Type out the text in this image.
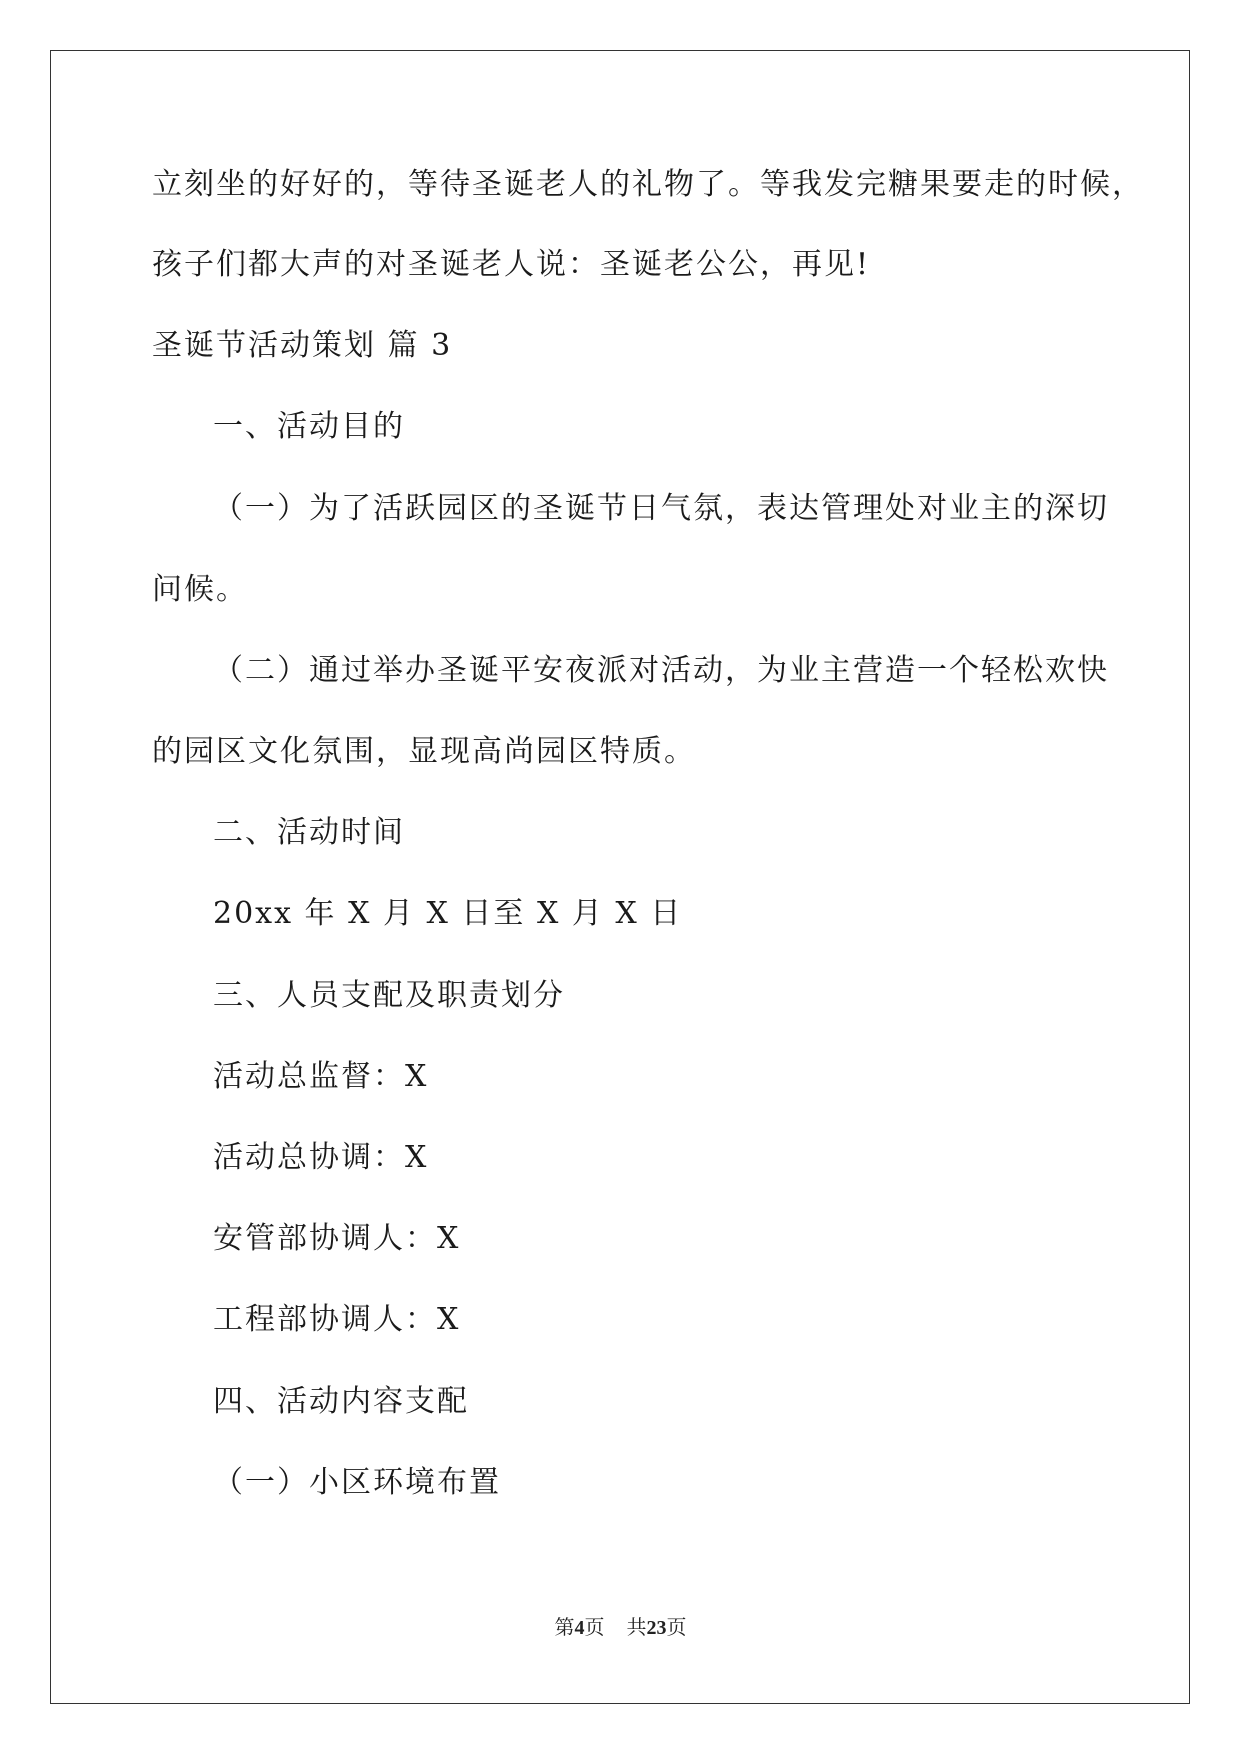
立刻坐的好好的，等待圣诞老人的礼物了。等我发完糖果要走的时候，
孩子们都大声的对圣诞老人说：圣诞老公公，再见!
圣诞节活动策划 篇 3
一、活动目的
（一）为了活跃园区的圣诞节日气氛，表达管理处对业主的深切
问候。
（二）通过举办圣诞平安夜派对活动，为业主营造一个轻松欢快
的园区文化氛围，显现高尚园区特质。
二、活动时间
20xx 年 X 月 X 日至 X 月 X 日
三、人员支配及职责划分
活动总监督：X
活动总协调：X
安管部协调人：X
工程部协调人：X
四、活动内容支配
（一）小区环境布置
第4页 共23页
